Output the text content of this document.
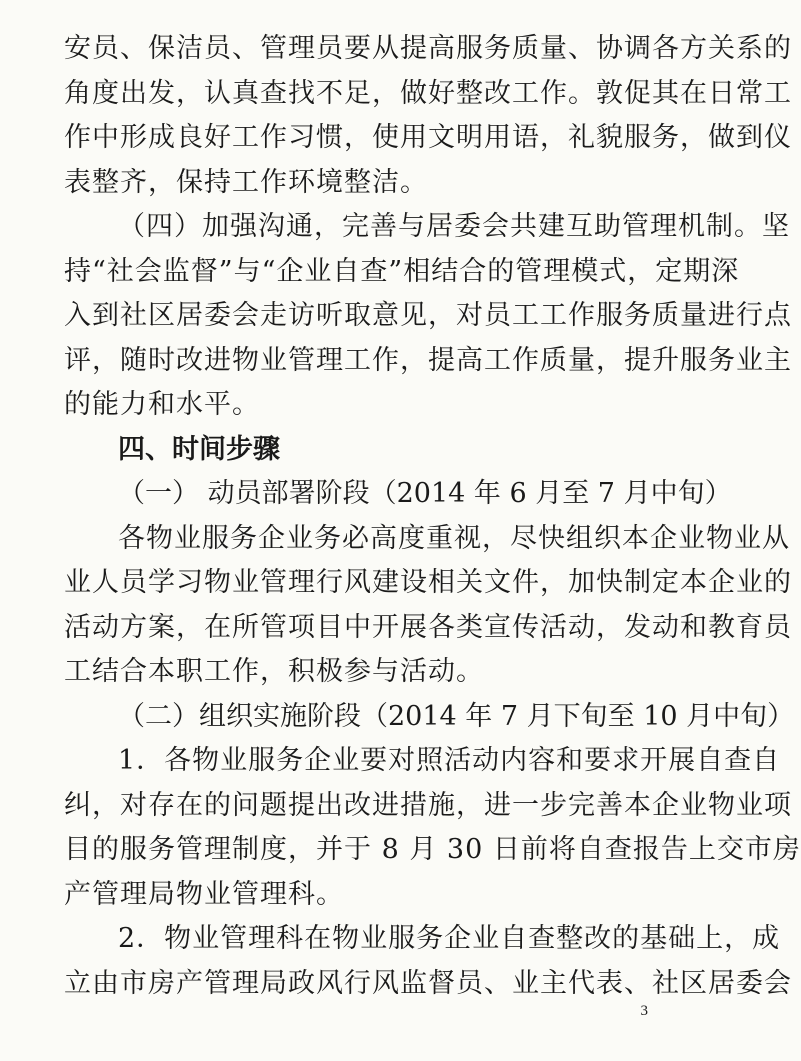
安员、保洁员、管理员要从提高服务质量、协调各方关系的
角度出发，认真查找不足，做好整改工作。敦促其在日常工
作中形成良好工作习惯，使用文明用语，礼貌服务，做到仪
表整齐，保持工作环境整洁。
（四）加强沟通，完善与居委会共建互助管理机制。坚
持“社会监督”与“企业自查”相结合的管理模式，定期深
入到社区居委会走访听取意见，对员工工作服务质量进行点
评，随时改进物业管理工作，提高工作质量，提升服务业主
的能力和水平。
四、时间步骤
（一） 动员部署阶段（2014 年 6 月至 7 月中旬）
各物业服务企业务必高度重视，尽快组织本企业物业从
业人员学习物业管理行风建设相关文件，加快制定本企业的
活动方案，在所管项目中开展各类宣传活动，发动和教育员
工结合本职工作，积极参与活动。
（二）组织实施阶段（2014 年 7 月下旬至 10 月中旬）
1．各物业服务企业要对照活动内容和要求开展自查自
纠，对存在的问题提出改进措施，进一步完善本企业物业项
目的服务管理制度，并于 8 月 30 日前将自查报告上交市房
产管理局物业管理科。
2．物业管理科在物业服务企业自查整改的基础上，成
立由市房产管理局政风行风监督员、业主代表、社区居委会
3
